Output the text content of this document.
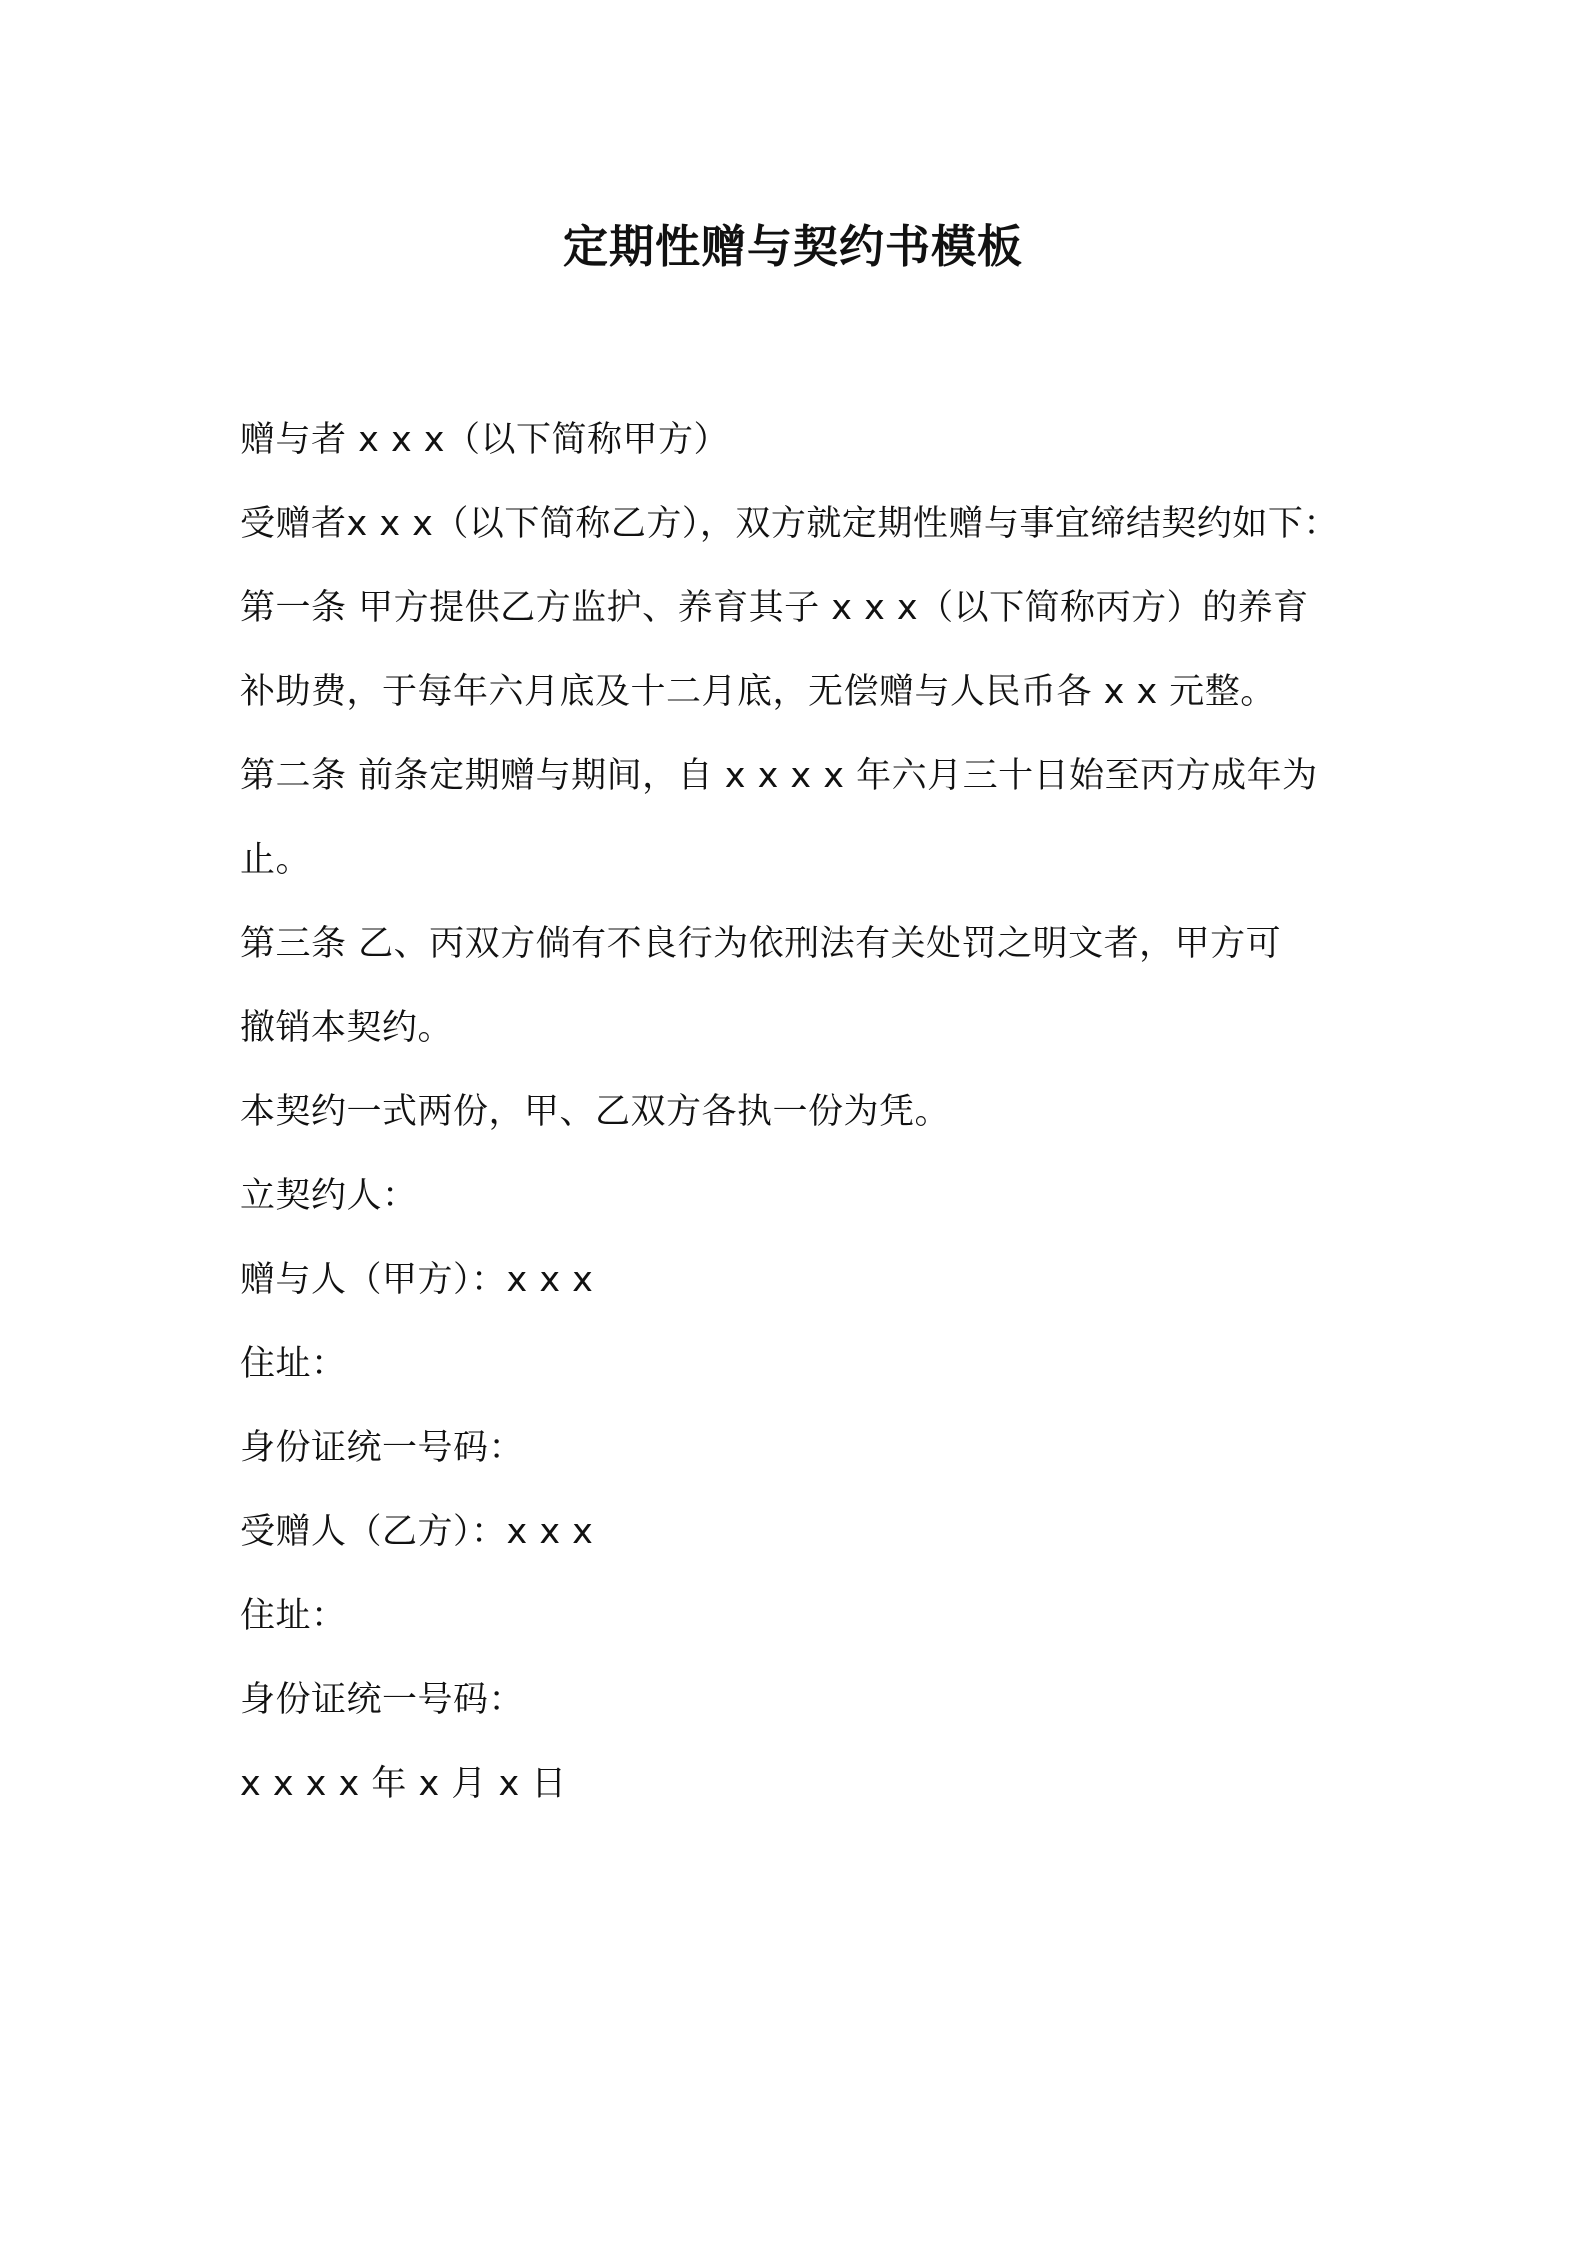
定期性赠与契约书模板
赠与者 x x x（以下简称甲方）
受赠者x x x（以下简称乙方），双方就定期性赠与事宜缔结契约如下：
第一条 甲方提供乙方监护、养育其子 x x x（以下简称丙方）的养育
补助费，于每年六月底及十二月底，无偿赠与人民币各 x x 元整。
第二条 前条定期赠与期间，自 x x x x 年六月三十日始至丙方成年为
止。
第三条 乙、丙双方倘有不良行为依刑法有关处罚之明文者，甲方可
撤销本契约。
本契约一式两份，甲、乙双方各执一份为凭。
立契约人：
赠与人（甲方）：x x x
住址：
身份证统一号码：
受赠人（乙方）：x x x
住址：
身份证统一号码：
x x x x 年 x 月 x 日
